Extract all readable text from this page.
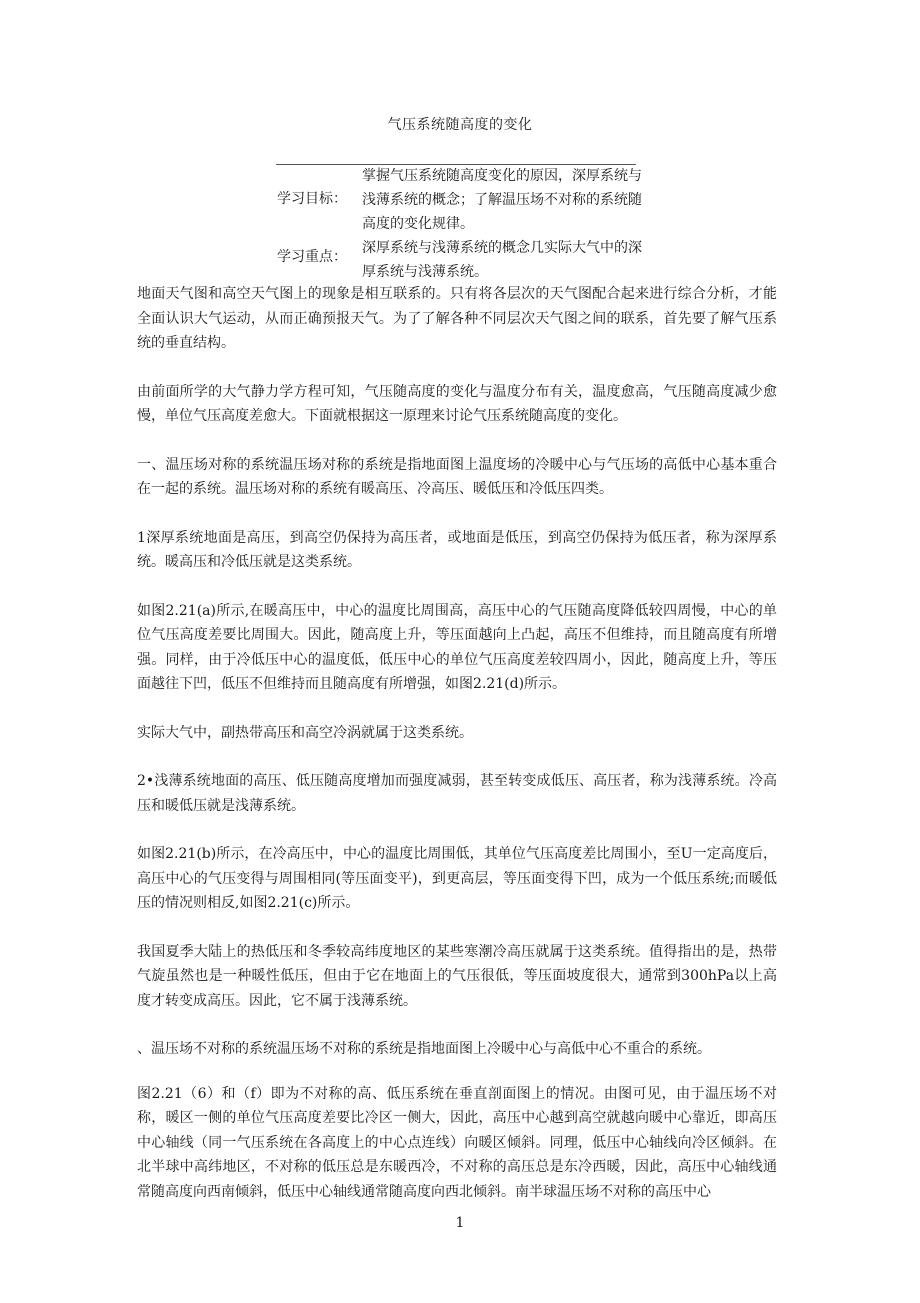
气压系统随高度的变化
学习目标：
掌握气压系统随高度变化的原因，深厚系统与浅薄系统的概念；了解温压场不对称的系统随高度的变化规律。
学习重点：
深厚系统与浅薄系统的概念几实际大气中的深厚系统与浅薄系统。

地面天气图和高空天气图上的现象是相互联系的。只有将各层次的天气图配合起来进行综合分析，才能全面认识大气运动，从而正确预报天气。为了了解各种不同层次天气图之间的联系，首先要了解气压系统的垂直结构。

由前面所学的大气静力学方程可知，气压随高度的变化与温度分布有关，温度愈高，气压随高度减少愈慢，单位气压高度差愈大。下面就根据这一原理来讨论气压系统随高度的变化。

一、温压场对称的系统温压场对称的系统是指地面图上温度场的冷暖中心与气压场的高低中心基本重合在一起的系统。温压场对称的系统有暖高压、冷高压、暖低压和冷低压四类。

1深厚系统地面是高压，到高空仍保持为高压者，或地面是低压，到高空仍保持为低压者，称为深厚系统。暖高压和冷低压就是这类系统。

如图2.21(a)所示,在暖高压中，中心的温度比周围高，高压中心的气压随高度降低较四周慢，中心的单位气压高度差要比周围大。因此，随高度上升，等压面越向上凸起，高压不但维持，而且随高度有所增强。同样，由于冷低压中心的温度低，低压中心的单位气压高度差较四周小，因此，随高度上升，等压面越往下凹，低压不但维持而且随高度有所增强，如图2.21(d)所示。

实际大气中，副热带高压和高空冷涡就属于这类系统。

2•浅薄系统地面的高压、低压随高度增加而强度减弱，甚至转变成低压、高压者，称为浅薄系统。冷高压和暖低压就是浅薄系统。

如图2.21(b)所示，在冷高压中，中心的温度比周围低，其单位气压高度差比周围小，至U一定高度后，高压中心的气压变得与周围相同(等压面变平)，到更高层，等压面变得下凹，成为一个低压系统;而暖低压的情况则相反,如图2.21(c)所示。

我国夏季大陆上的热低压和冬季较高纬度地区的某些寒潮冷高压就属于这类系统。值得指出的是，热带气旋虽然也是一种暖性低压，但由于它在地面上的气压很低，等压面坡度很大，通常到300hPa以上高度才转变成高压。因此，它不属于浅薄系统。

、温压场不对称的系统温压场不对称的系统是指地面图上冷暖中心与高低中心不重合的系统。

图2.21（6）和（f）即为不对称的高、低压系统在垂直剖面图上的情况。由图可见，由于温压场不对称，暖区一侧的单位气压高度差要比冷区一侧大，因此，高压中心越到高空就越向暖中心靠近，即高压中心轴线（同一气压系统在各高度上的中心点连线）向暖区倾斜。同理，低压中心轴线向冷区倾斜。在北半球中高纬地区，不对称的低压总是东暖西冷，不对称的高压总是东冷西暖，因此，高压中心轴线通常随高度向西南倾斜，低压中心轴线通常随高度向西北倾斜。南半球温压场不对称的高压中心

1
